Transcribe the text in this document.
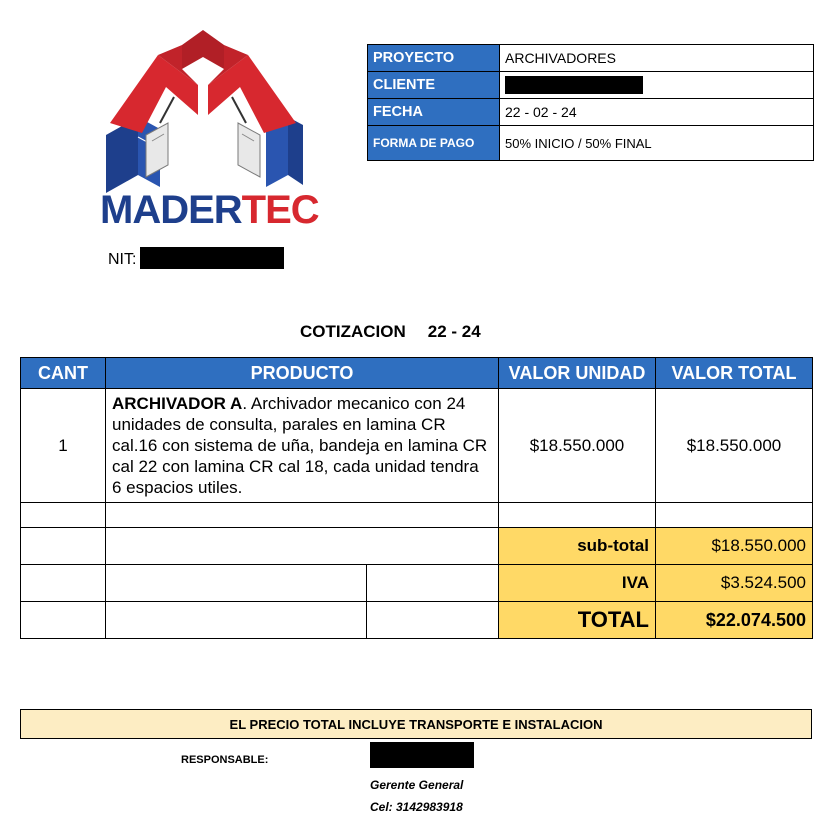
MADERTEC
NIT:
PROYECTO	ARCHIVADORES
CLIENTE	
FECHA	22 - 02 - 24
FORMA DE PAGO	50% INICIO / 50% FINAL
COTIZACION 22 - 24
CANT	PRODUCTO		VALOR UNIDAD	VALOR TOTAL
1	ARCHIVADOR A. Archivador mecanico con 24 unidades de consulta, parales en lamina CR cal.16 con sistema de uña, bandeja en lamina CR cal 22 con lamina CR cal 18, cada unidad tendra 6 espacios utiles.		$18.550.000	$18.550.000

			sub-total	$18.550.000
			IVA	$3.524.500
			TOTAL	$22.074.500
EL PRECIO TOTAL INCLUYE TRANSPORTE E INSTALACION
RESPONSABLE:
Gerente General
Cel: 3142983918
